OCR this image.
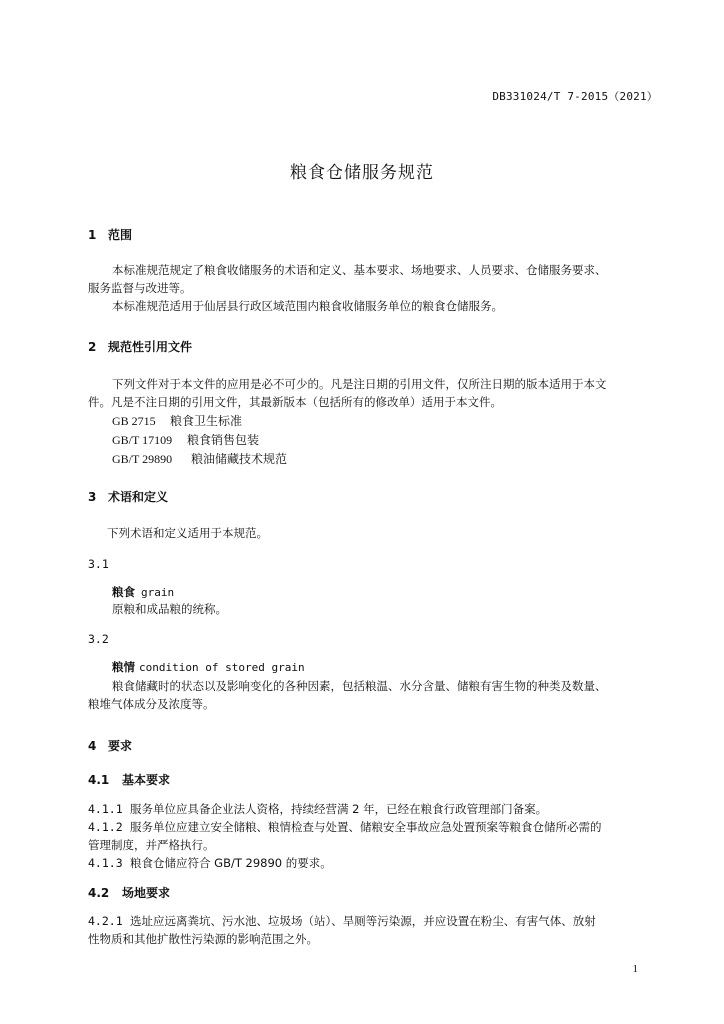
DB331024/T 7-2015（2021）
粮食仓储服务规范
1 范围
本标准规范规定了粮食收储服务的术语和定义、基本要求、场地要求、人员要求、仓储服务要求、
服务监督与改进等。
本标准规范适用于仙居县行政区域范围内粮食收储服务单位的粮食仓储服务。
2 规范性引用文件
下列文件对于本文件的应用是必不可少的。凡是注日期的引用文件，仅所注日期的版本适用于本文
件。凡是不注日期的引用文件，其最新版本（包括所有的修改单）适用于本文件。
GB 2715 粮食卫生标准
GB/T 17109 粮食销售包装
GB/T 29890 粮油储藏技术规范
3 术语和定义
下列术语和定义适用于本规范。
3.1
粮食 grain
原粮和成品粮的统称。
3.2
粮情 condition of stored grain
粮食储藏时的状态以及影响变化的各种因素，包括粮温、水分含量、储粮有害生物的种类及数量、
粮堆气体成分及浓度等。
4 要求
4.1 基本要求
4.1.1 服务单位应具备企业法人资格，持续经营满 2 年，已经在粮食行政管理部门备案。
4.1.2 服务单位应建立安全储粮、粮情检查与处置、储粮安全事故应急处置预案等粮食仓储所必需的
管理制度，并严格执行。
4.1.3 粮食仓储应符合 GB/T 29890 的要求。
4.2 场地要求
4.2.1 选址应远离粪坑、污水池、垃圾场（站）、旱厕等污染源，并应设置在粉尘、有害气体、放射
性物质和其他扩散性污染源的影响范围之外。
1
